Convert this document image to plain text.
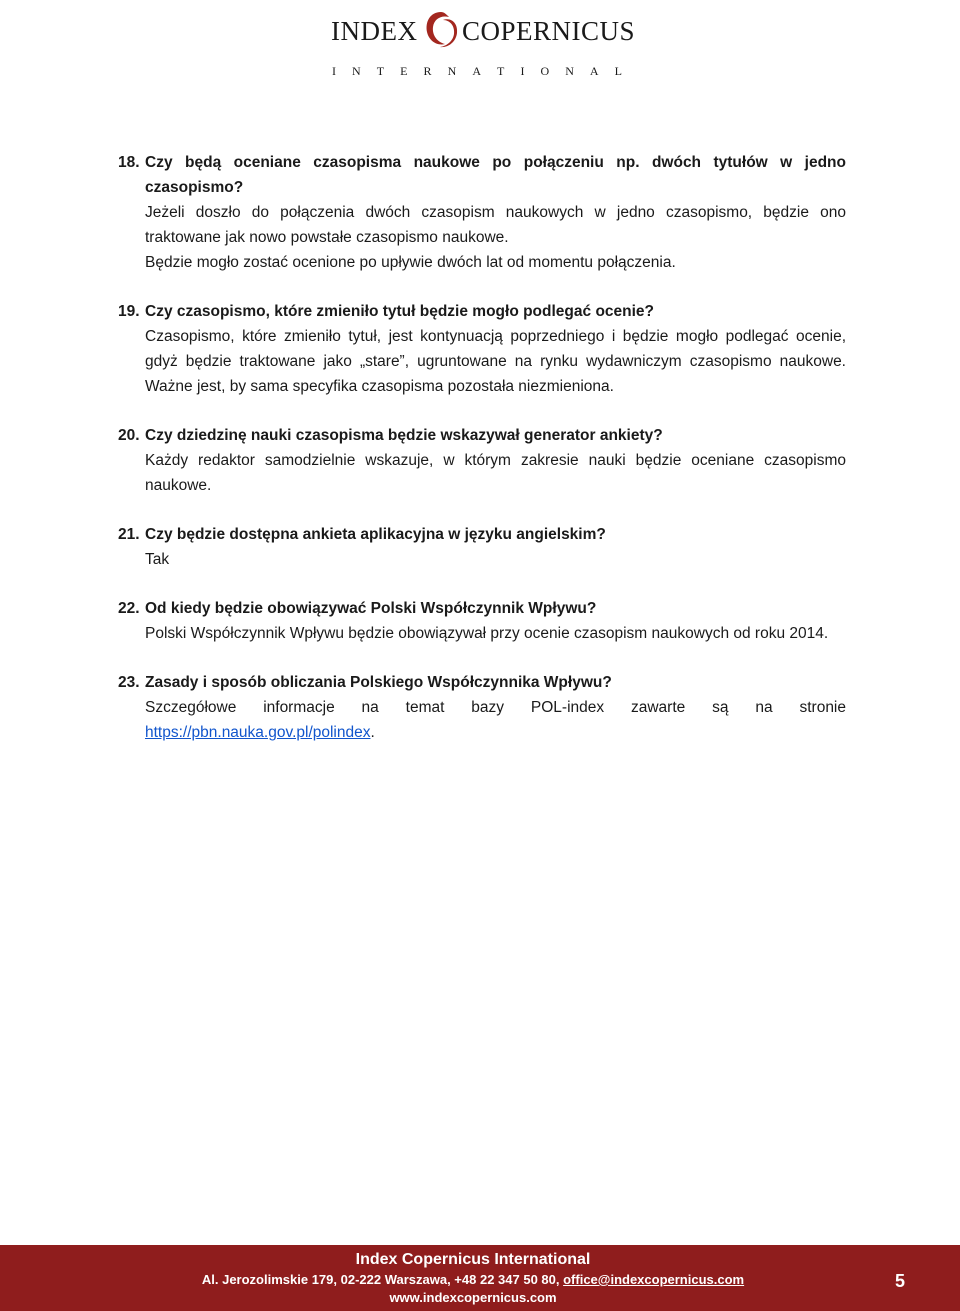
INDEX COPERNICUS
I N T E R N A T I O N A L
18. Czy będą oceniane czasopisma naukowe po połączeniu np. dwóch tytułów w jedno czasopismo?

Jeżeli doszło do połączenia dwóch czasopism naukowych w jedno czasopismo, będzie ono traktowane jak nowo powstałe czasopismo naukowe.

Będzie mogło zostać ocenione po upływie dwóch lat od momentu połączenia.

19. Czy czasopismo, które zmieniło tytuł będzie mogło podlegać ocenie?

Czasopismo, które zmieniło tytuł, jest kontynuacją poprzedniego i będzie mogło podlegać ocenie, gdyż będzie traktowane jako „stare”, ugruntowane na rynku wydawniczym czasopismo naukowe. Ważne jest, by sama specyfika czasopisma pozostała niezmieniona.

20. Czy dziedzinę nauki czasopisma będzie wskazywał generator ankiety?

Każdy redaktor samodzielnie wskazuje, w którym zakresie nauki będzie oceniane czasopismo naukowe.

21. Czy będzie dostępna ankieta aplikacyjna w języku angielskim?

Tak

22. Od kiedy będzie obowiązywać Polski Współczynnik Wpływu?

Polski Współczynnik Wpływu będzie obowiązywał przy ocenie czasopism naukowych od roku 2014.

23. Zasady i sposób obliczania Polskiego Współczynnika Wpływu?

Szczegółowe informacje na temat bazy POL-index zawarte są na stronie

https://pbn.nauka.gov.pl/polindex.

Index Copernicus International
Al. Jerozolimskie 179, 02-222 Warszawa, +48 22 347 50 80, office@indexcopernicus.com
www.indexcopernicus.com
5
